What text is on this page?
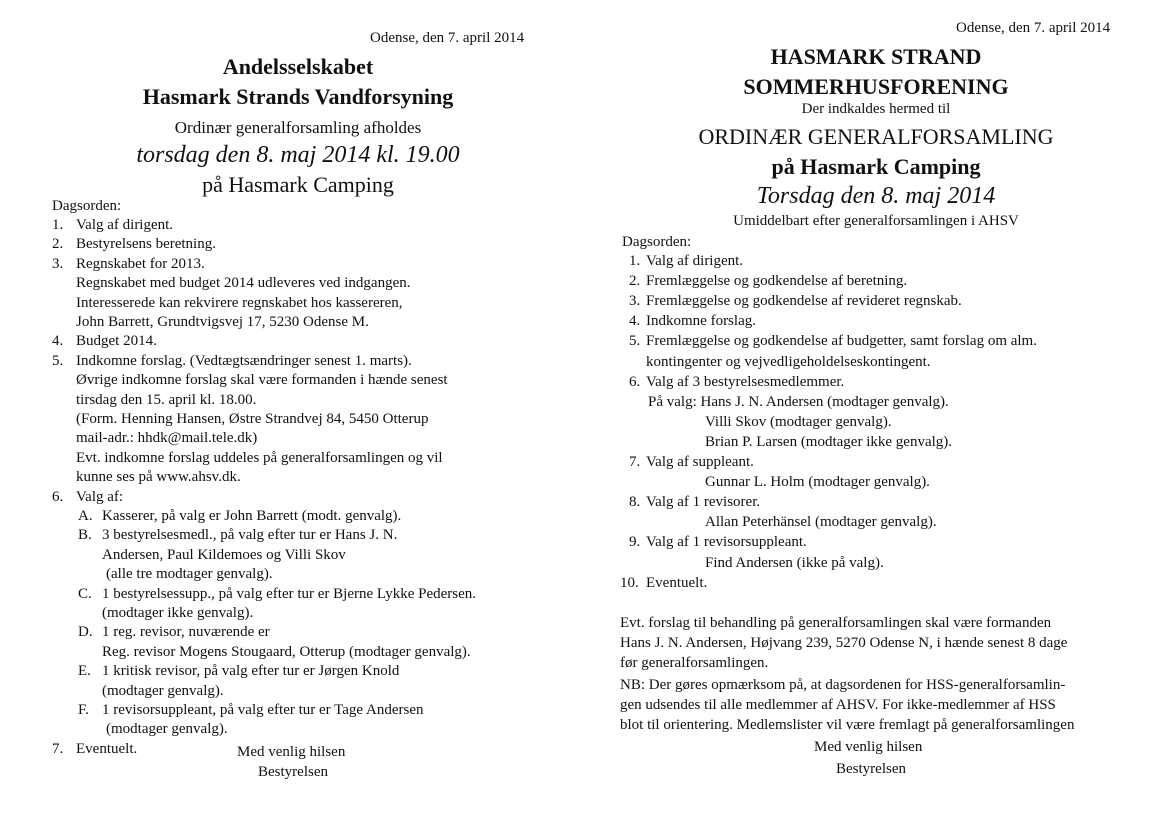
Odense, den 7. april 2014
Andelsselskabet
Hasmark Strands Vandforsyning
Ordinær generalforsamling afholdes
torsdag den 8. maj 2014 kl. 19.00
på Hasmark Camping
Dagsorden:
1. Valg af dirigent.
2. Bestyrelsens beretning.
3. Regnskabet for 2013.
Regnskabet med budget 2014 udleveres ved indgangen.
Interesserede kan rekvirere regnskabet hos kassereren,
John Barrett, Grundtvigsvej 17, 5230 Odense M.
4. Budget 2014.
5. Indkomne forslag. (Vedtægtsændringer senest 1. marts).
Øvrige indkomne forslag skal være formanden i hænde senest
tirsdag den 15. april kl. 18.00.
(Form. Henning Hansen, Østre Strandvej 84, 5450 Otterup
mail-adr.: hhdk@mail.tele.dk)
Evt. indkomne forslag uddeles på generalforsamlingen og vil
kunne ses på www.ahsv.dk.
6. Valg af:
A. Kasserer, på valg er John Barrett (modt. genvalg).
B. 3 bestyrelsesmedl., på valg efter tur er Hans J. N.
Andersen, Paul Kildemoes og Villi Skov
(alle tre modtager genvalg).
C. 1 bestyrelsessupp., på valg efter tur er Bjerne Lykke Pedersen.
(modtager ikke genvalg).
D. 1 reg. revisor, nuværende er
Reg. revisor Mogens Stougaard, Otterup (modtager genvalg).
E. 1 kritisk revisor, på valg efter tur er Jørgen Knold
(modtager genvalg).
F. 1 revisorsuppleant, på valg efter tur er Tage Andersen
(modtager genvalg).
7. Eventuelt.	Med venlig hilsen
Bestyrelsen
Odense, den 7. april 2014
HASMARK STRAND
SOMMERHUSFORENING
Der indkaldes hermed til
ORDINÆR GENERALFORSAMLING
på Hasmark Camping
Torsdag den 8. maj 2014
Umiddelbart efter generalforsamlingen i AHSV
Dagsorden:
1. Valg af dirigent.
2. Fremlæggelse og godkendelse af beretning.
3. Fremlæggelse og godkendelse af revideret regnskab.
4. Indkomne forslag.
5. Fremlæggelse og godkendelse af budgetter, samt forslag om alm.
kontingenter og vejvedligeholdelseskontingent.
6. Valg af 3 bestyrelsesmedlemmer.
På valg: Hans J. N. Andersen (modtager genvalg).
Villi Skov (modtager genvalg).
Brian P. Larsen (modtager ikke genvalg).
7. Valg af suppleant.
Gunnar L. Holm (modtager genvalg).
8. Valg af 1 revisorer.
Allan Peterhänsel (modtager genvalg).
9. Valg af 1 revisorsuppleant.
Find Andersen (ikke på valg).
10. Eventuelt.
Evt. forslag til behandling på generalforsamlingen skal være formanden
Hans J. N. Andersen, Højvang 239, 5270 Odense N, i hænde senest 8 dage
før generalforsamlingen.
NB: Der gøres opmærksom på, at dagsordenen for HSS-generalforsamlin-
gen udsendes til alle medlemmer af AHSV. For ikke-medlemmer af HSS
blot til orientering. Medlemslister vil være fremlagt på generalforsamlingen
Med venlig hilsen
Bestyrelsen
